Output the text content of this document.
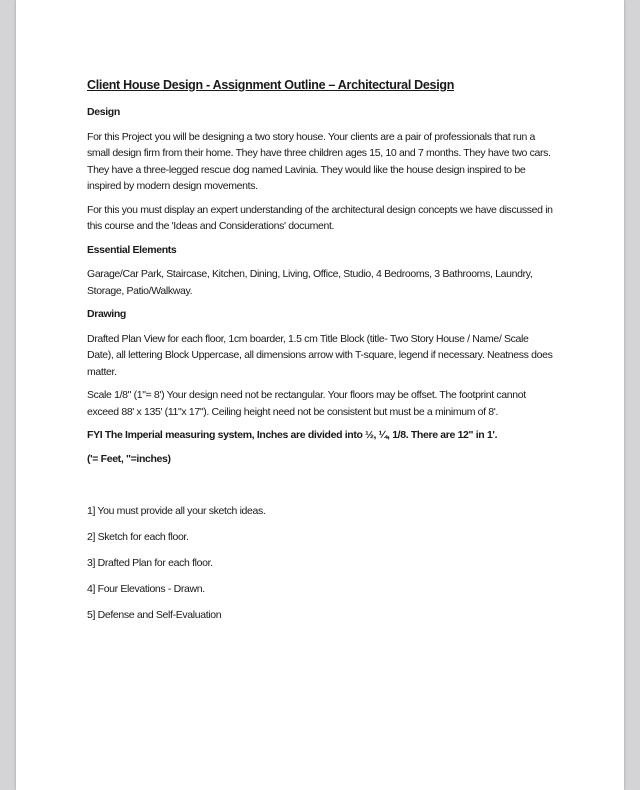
Client House Design - Assignment Outline – Architectural Design
Design

For this Project you will be designing a two story house. Your clients are a pair of professionals that run a small design firm from their home. They have three children ages 15, 10 and 7 months. They have two cars. They have a three-legged rescue dog named Lavinia. They would like the house design inspired to be inspired by modern design movements.

For this you must display an expert understanding of the architectural design concepts we have discussed in this course and the 'Ideas and Considerations' document.

Essential Elements

Garage/Car Park, Staircase, Kitchen, Dining, Living, Office, Studio, 4 Bedrooms, 3 Bathrooms, Laundry, Storage, Patio/Walkway.

Drawing

Drafted Plan View for each floor, 1cm boarder, 1.5 cm Title Block (title- Two Story House / Name/ Scale Date), all lettering Block Uppercase, all dimensions arrow with T-square, legend if necessary. Neatness does matter.

Scale 1/8" (1"= 8') Your design need not be rectangular. Your floors may be offset. The footprint cannot exceed 88' x 135' (11"x 17"). Ceiling height need not be consistent but must be a minimum of 8'.

FYI The Imperial measuring system, Inches are divided into ½, ¼, 1/8. There are 12" in 1'.
('= Feet, "=inches)
1] You must provide all your sketch ideas.
2] Sketch for each floor.
3] Drafted Plan for each floor.
4] Four Elevations - Drawn.
5] Defense and Self-Evaluation
